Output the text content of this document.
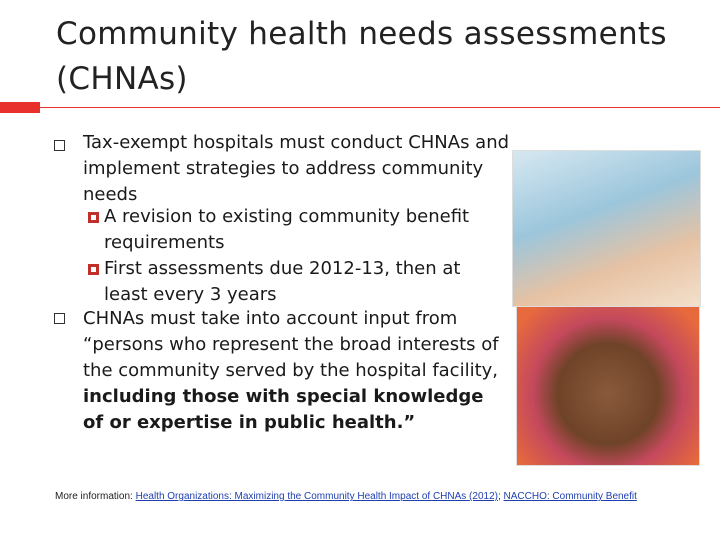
Community health needs assessments (CHNAs)
Tax-exempt hospitals must conduct CHNAs and implement strategies to address community needs
A revision to existing community benefit requirements
First assessments due 2012-13, then at least every 3 years
CHNAs must take into account input from “persons who represent the broad interests of the community served by the hospital facility, including those with special knowledge of or expertise in public health.”
More information: Health Organizations: Maximizing the Community Health Impact of CHNAs (2012); NACCHO: Community Benefit
